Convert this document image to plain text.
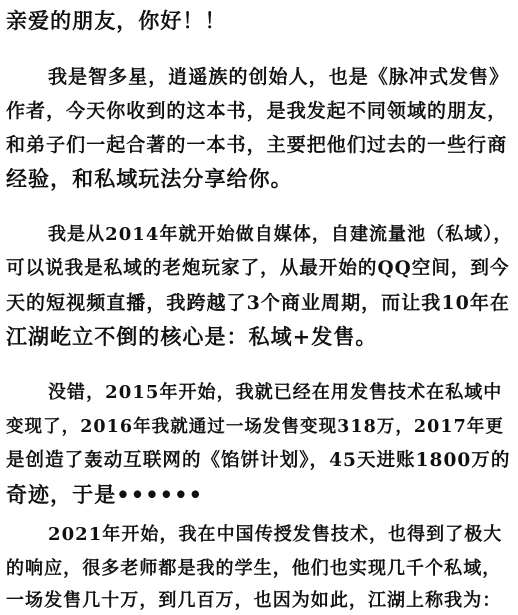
亲爱的朋友，你好！！
我是智多星，逍遥族的创始人，也是《脉冲式发售》
作者，今天你收到的这本书，是我发起不同领域的朋友，
和弟子们一起合著的一本书，主要把他们过去的一些行商
经验，和私域玩法分享给你。
我是从2014年就开始做自媒体，自建流量池（私域），
可以说我是私域的老炮玩家了，从最开始的QQ空间，到今
天的短视频直播，我跨越了3个商业周期，而让我10年在
江湖屹立不倒的核心是：私域+发售。
没错，2015年开始，我就已经在用发售技术在私域中
变现了，2016年我就通过一场发售变现318万，2017年更
是创造了轰动互联网的《馅饼计划》，45天进账1800万的
奇迹，于是••••••
2021年开始，我在中国传授发售技术，也得到了极大
的响应，很多老师都是我的学生，他们也实现几千个私域，
一场发售几十万，到几百万，也因为如此，江湖上称我为：
